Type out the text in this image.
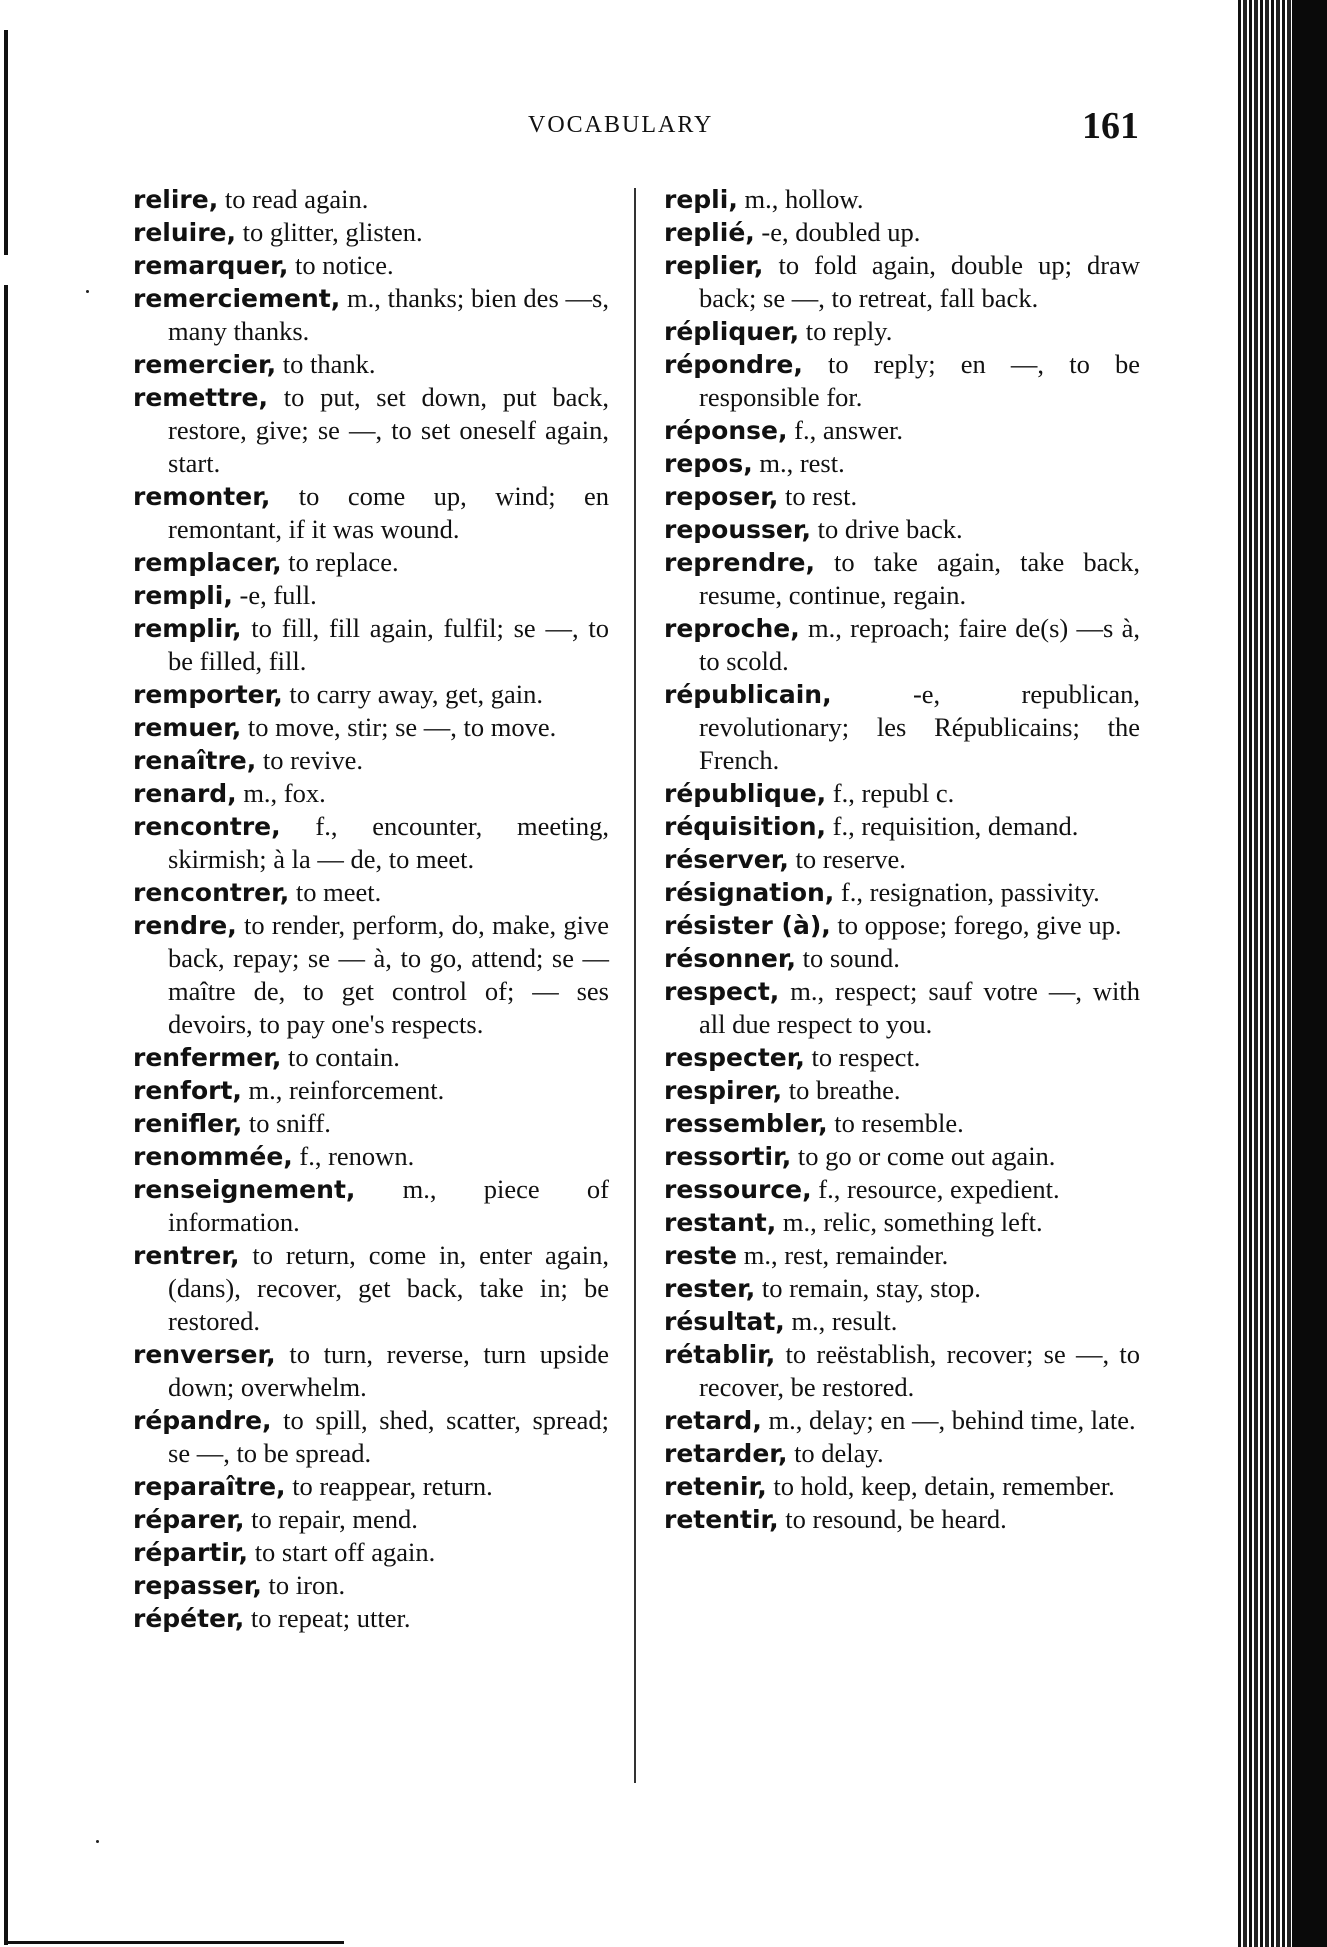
VOCABULARY	161

relire, to read again.

reluire, to glitter, glisten.

remarquer, to notice.

remerciement, m., thanks; bien des —s, many thanks.

remercier, to thank.

remettre, to put, set down, put back, restore, give; se —, to set oneself again, start.

remonter, to come up, wind; en remontant, if it was wound.

remplacer, to replace.

rempli, -e, full.

remplir, to fill, fill again, fulfil; se —, to be filled, fill.

remporter, to carry away, get, gain.

remuer, to move, stir; se —, to move.

renaître, to revive.

renard, m., fox.

rencontre, f., encounter, meeting, skirmish; à la — de, to meet.

rencontrer, to meet.

rendre, to render, perform, do, make, give back, repay; se — à, to go, attend; se — maître de, to get control of; — ses devoirs, to pay one's respects.

renfermer, to contain.

renfort, m., reinforcement.

renifler, to sniff.

renommée, f., renown.

renseignement, m., piece of information.

rentrer, to return, come in, enter again, (dans), recover, get back, take in; be restored.

renverser, to turn, reverse, turn upside down; overwhelm.

répandre, to spill, shed, scatter, spread; se —, to be spread.

reparaître, to reappear, return.

réparer, to repair, mend.

répartir, to start off again.

repasser, to iron.

répéter, to repeat; utter.

repli, m., hollow.

replié, -e, doubled up.

replier, to fold again, double up; draw back; se —, to retreat, fall back.

répliquer, to reply.

répondre, to reply; en —, to be responsible for.

réponse, f., answer.

repos, m., rest.

reposer, to rest.

repousser, to drive back.

reprendre, to take again, take back, resume, continue, regain.

reproche, m., reproach; faire de(s) —s à, to scold.

républicain, -e, republican, revolutionary; les Républicains; the French.

république, f., republ c.

réquisition, f., requisition, demand.

réserver, to reserve.

résignation, f., resignation, passivity.

résister (à), to oppose; forego, give up.

résonner, to sound.

respect, m., respect; sauf votre —, with all due respect to you.

respecter, to respect.

respirer, to breathe.

ressembler, to resemble.

ressortir, to go or come out again.

ressource, f., resource, expedient.

restant, m., relic, something left.

reste m., rest, remainder.

rester, to remain, stay, stop.

résultat, m., result.

rétablir, to reëstablish, recover; se —, to recover, be restored.

retard, m., delay; en —, behind time, late.

retarder, to delay.

retenir, to hold, keep, detain, remember.

retentir, to resound, be heard.
